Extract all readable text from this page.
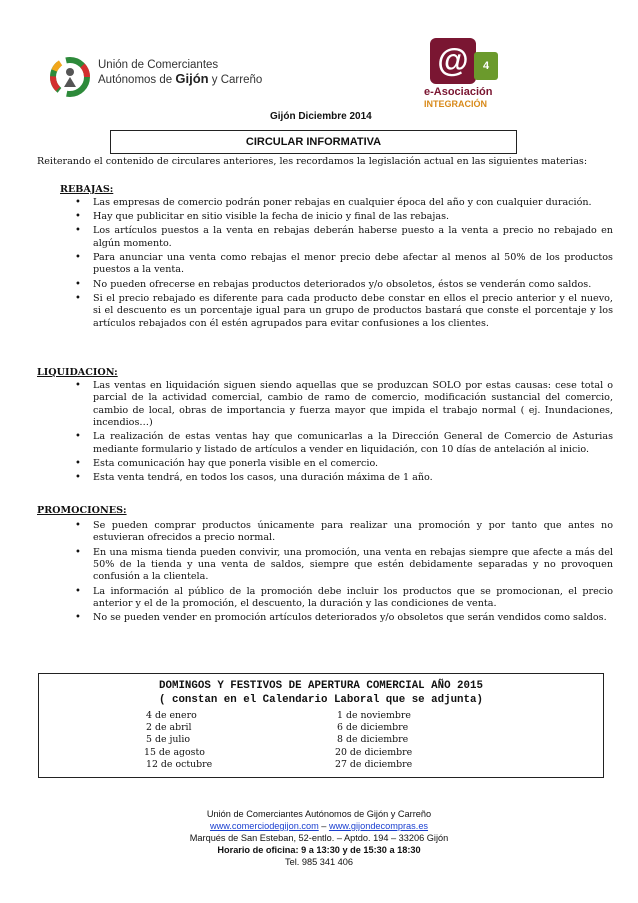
Unión de Comerciantes
Autónomos de Gijón y Carreño
@	4
e-Asociación
INTEGRACIÓN
Gijón Diciembre 2014
CIRCULAR INFORMATIVA
Reiterando el contenido de circulares anteriores, les recordamos la legislación actual en las siguientes materias:
REBAJAS:
• Las empresas de comercio podrán poner rebajas en cualquier época del año y con cualquier duración.
• Hay que publicitar en sitio visible la fecha de inicio y final de las rebajas.
• Los artículos puestos a la venta en rebajas deberán haberse puesto a la venta a precio no rebajado en algún momento.
• Para anunciar una venta como rebajas el menor precio debe afectar al menos al 50% de los productos puestos a la venta.
• No pueden ofrecerse en rebajas productos deteriorados y/o obsoletos, éstos se venderán como saldos.
• Si el precio rebajado es diferente para cada producto debe constar en ellos el precio anterior y el nuevo, si el descuento es un porcentaje igual para un grupo de productos bastará que conste el porcentaje y los artículos rebajados con él estén agrupados para evitar confusiones a los clientes.
LIQUIDACION:
• Las ventas en liquidación siguen siendo aquellas que se produzcan SOLO por estas causas: cese total o parcial de la actividad comercial, cambio de ramo de comercio, modificación sustancial del comercio, cambio de local, obras de importancia y fuerza mayor que impida el trabajo normal ( ej. Inundaciones, incendios…)
• La realización de estas ventas hay que comunicarlas a la Dirección General de Comercio de Asturias mediante formulario y listado de artículos a vender en liquidación, con 10 días de antelación al inicio.
• Esta comunicación hay que ponerla visible en el comercio.
• Esta venta tendrá, en todos los casos, una duración máxima de 1 año.
PROMOCIONES:
• Se pueden comprar productos únicamente para realizar una promoción y por tanto que antes no estuvieran ofrecidos a precio normal.
• En una misma tienda pueden convivir, una promoción, una venta en rebajas siempre que afecte a más del 50% de la tienda y una venta de saldos, siempre que estén debidamente separadas y no provoquen confusión a la clientela.
• La información al público de la promoción debe incluir los productos que se promocionan, el precio anterior y el de la promoción, el descuento, la duración y las condiciones de venta.
• No se pueden vender en promoción artículos deteriorados y/o obsoletos que serán vendidos como saldos.
DOMINGOS Y FESTIVOS DE APERTURA COMERCIAL AÑO 2015
( constan en el Calendario Laboral que se adjunta)
4 de enero
2 de abril
5 de julio
15 de agosto
12 de octubre
1 de noviembre
6 de diciembre
8 de diciembre
20 de diciembre
27 de diciembre
Unión de Comerciantes Autónomos de Gijón y Carreño
www.comerciodegijon.com – www.gijondecompras.es
Marqués de San Esteban, 52-entlo. – Aptdo. 194 – 33206 Gijón
Horario de oficina: 9 a 13:30 y de 15:30 a 18:30
Tel. 985 341 406
